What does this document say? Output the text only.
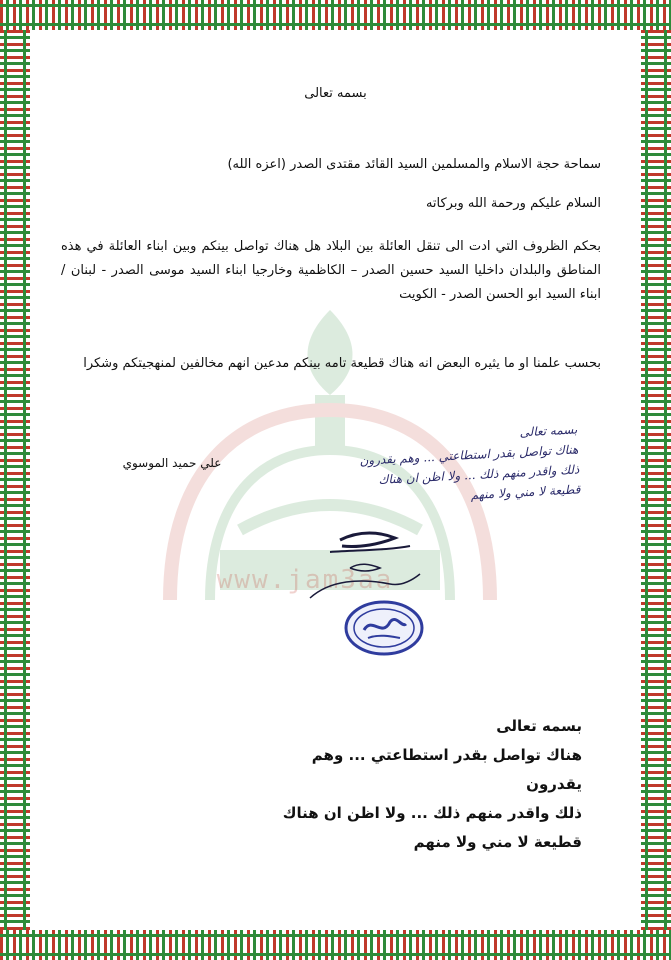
www.jam3aa
بسمه تعالى
سماحة حجة الاسلام والمسلمين السيد القائد مقتدى الصدر (اعزه الله)
السلام عليكم ورحمة الله وبركاته
بحكم الظروف التي ادت الى تنقل العائلة بين البلاد هل هناك تواصل بينكم وبين ابناء العائلة في هذه المناطق والبلدان داخليا السيد حسين الصدر – الكاظمية وخارجيا ابناء السيد موسى الصدر - لبنان / ابناء السيد ابو الحسن الصدر - الكويت
بحسب علمنا او ما يثيره البعض انه هناك قطيعة تامه بينكم مدعين انهم مخالفين لمنهجيتكم وشكرا
علي حميد الموسوي
بسمه تعالى
هناك تواصل بقدر استطاعتي ... وهم يقدرون
ذلك واقدر منهم ذلك ... ولا اظن ان هناك
قطيعة لا مني ولا منهم
بسمه تعالى
هناك تواصل بقدر استطاعتي ... وهم يقدرون
ذلك واقدر منهم ذلك ... ولا اظن ان هناك
قطيعة لا مني ولا منهم
